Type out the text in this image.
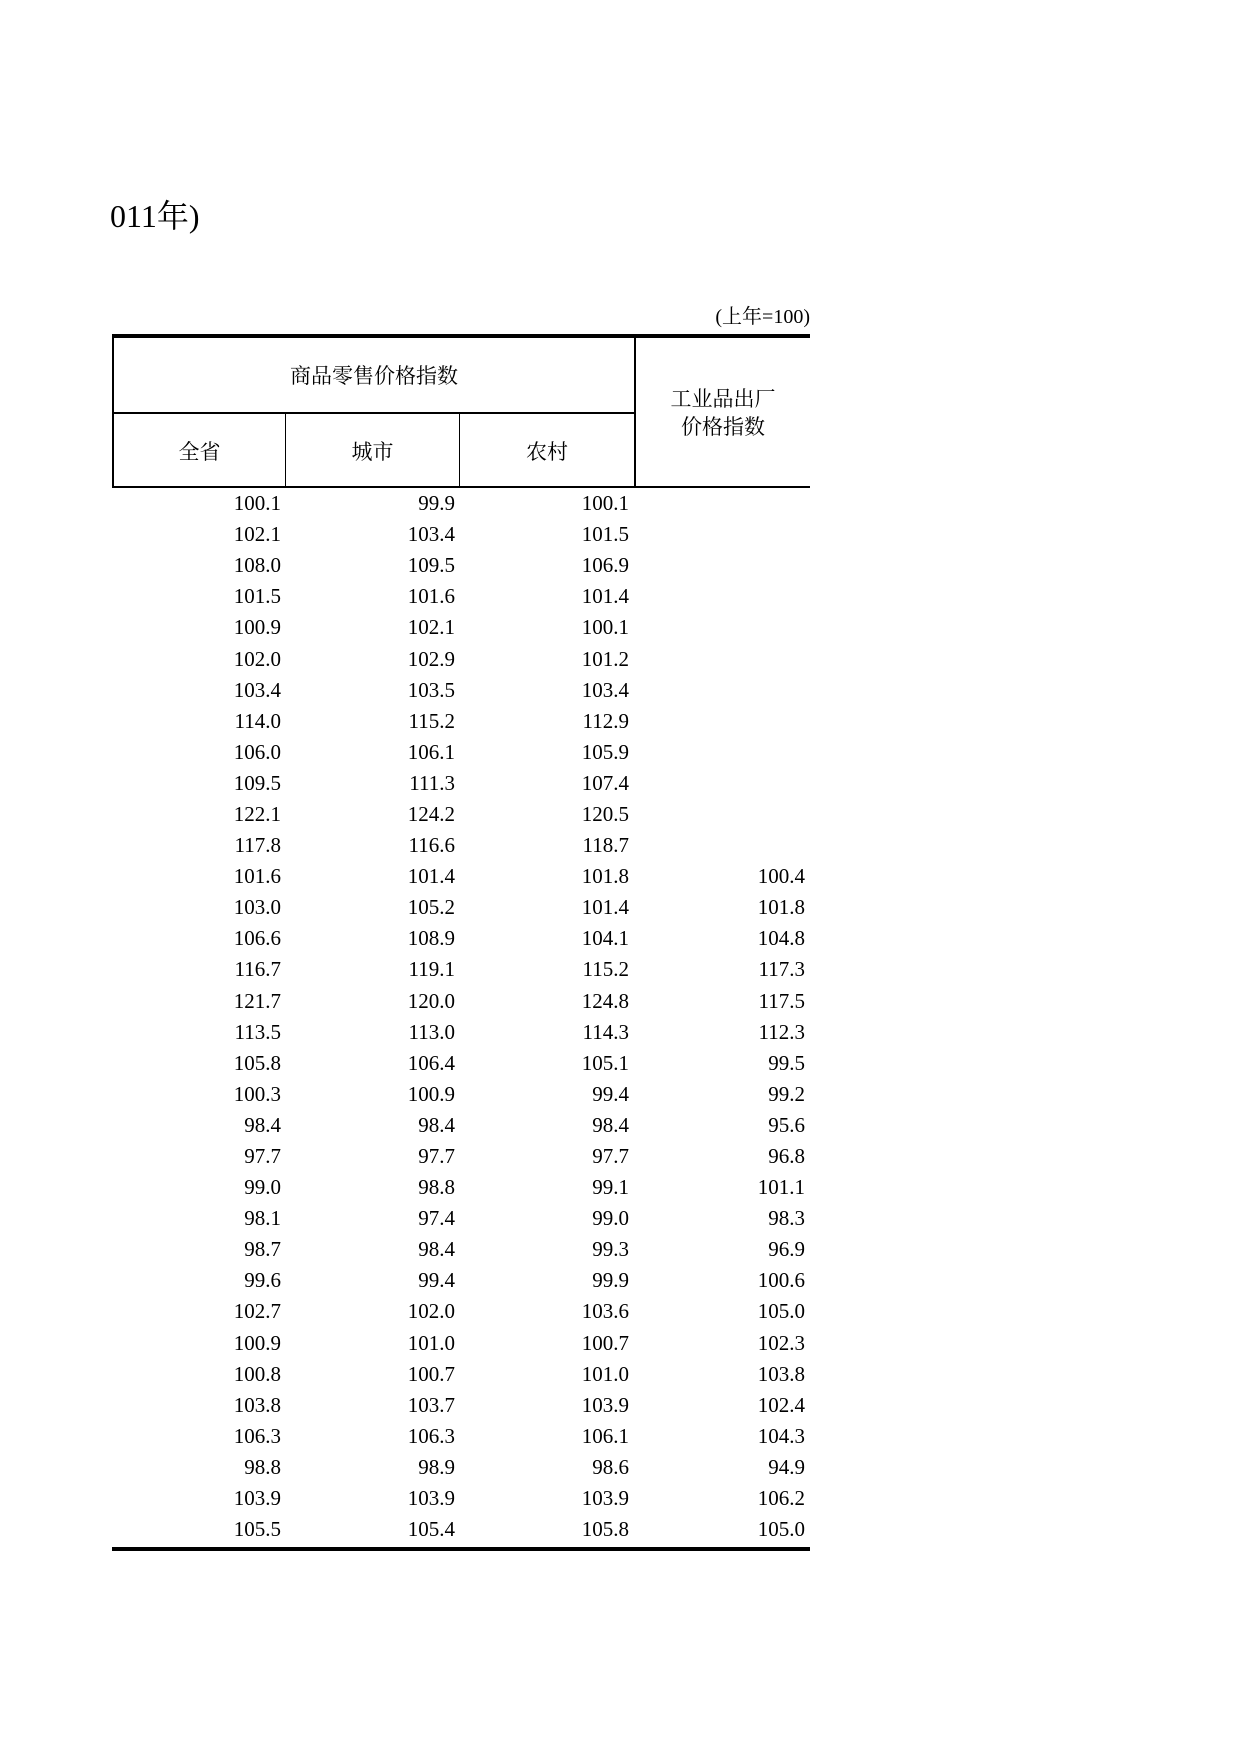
011年)
(上年=100)
商品零售价格指数
全省	城市	农村
工业品出厂
价格指数
100.1	99.9	100.1
102.1	103.4	101.5
108.0	109.5	106.9
101.5	101.6	101.4
100.9	102.1	100.1
102.0	102.9	101.2
103.4	103.5	103.4
114.0	115.2	112.9
106.0	106.1	105.9
109.5	111.3	107.4
122.1	124.2	120.5
117.8	116.6	118.7
101.6	101.4	101.8	100.4
103.0	105.2	101.4	101.8
106.6	108.9	104.1	104.8
116.7	119.1	115.2	117.3
121.7	120.0	124.8	117.5
113.5	113.0	114.3	112.3
105.8	106.4	105.1	99.5
100.3	100.9	99.4	99.2
98.4	98.4	98.4	95.6
97.7	97.7	97.7	96.8
99.0	98.8	99.1	101.1
98.1	97.4	99.0	98.3
98.7	98.4	99.3	96.9
99.6	99.4	99.9	100.6
102.7	102.0	103.6	105.0
100.9	101.0	100.7	102.3
100.8	100.7	101.0	103.8
103.8	103.7	103.9	102.4
106.3	106.3	106.1	104.3
98.8	98.9	98.6	94.9
103.9	103.9	103.9	106.2
105.5	105.4	105.8	105.0
